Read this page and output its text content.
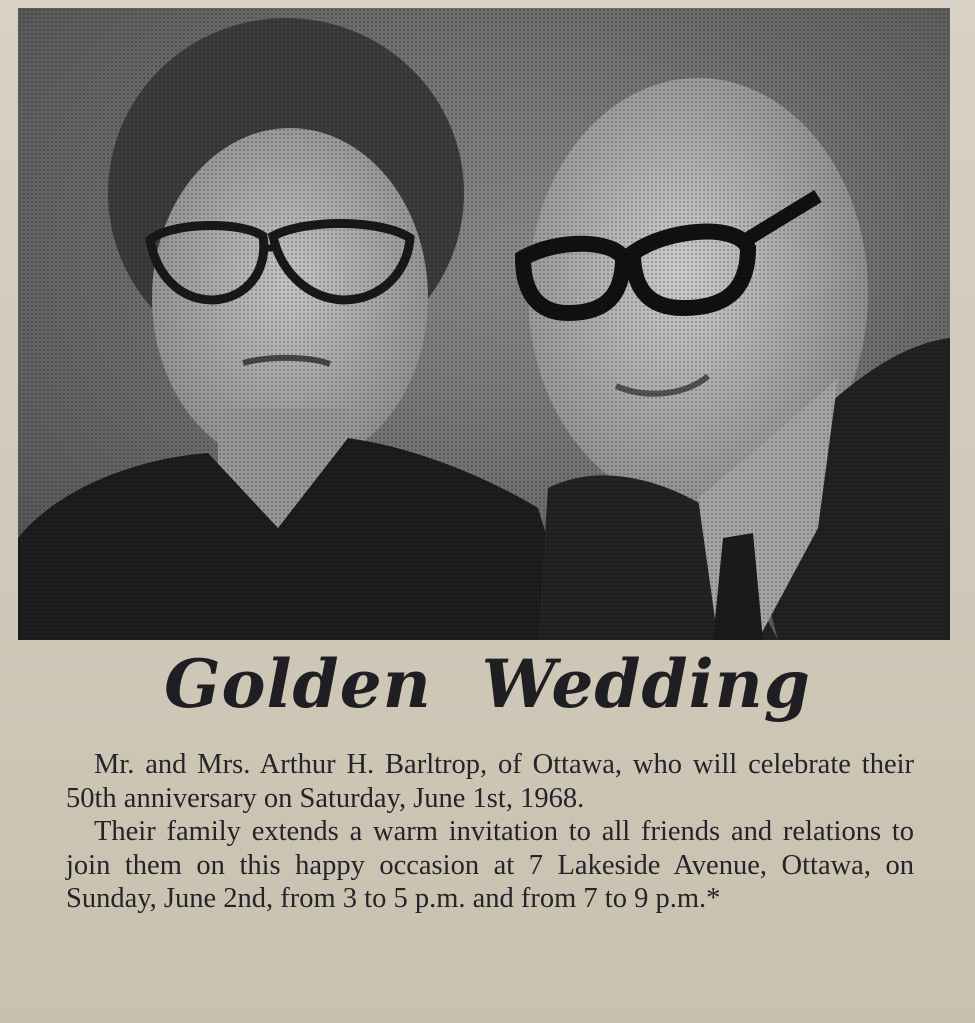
Golden Wedding

Mr. and Mrs. Arthur H. Barltrop, of Ottawa, who will celebrate their 50th anniversary on Saturday, June 1st, 1968.

Their family extends a warm invitation to all friends and relations to join them on this happy occasion at 7 Lakeside Avenue, Ottawa, on Sunday, June 2nd, from 3 to 5 p.m. and from 7 to 9 p.m.*
